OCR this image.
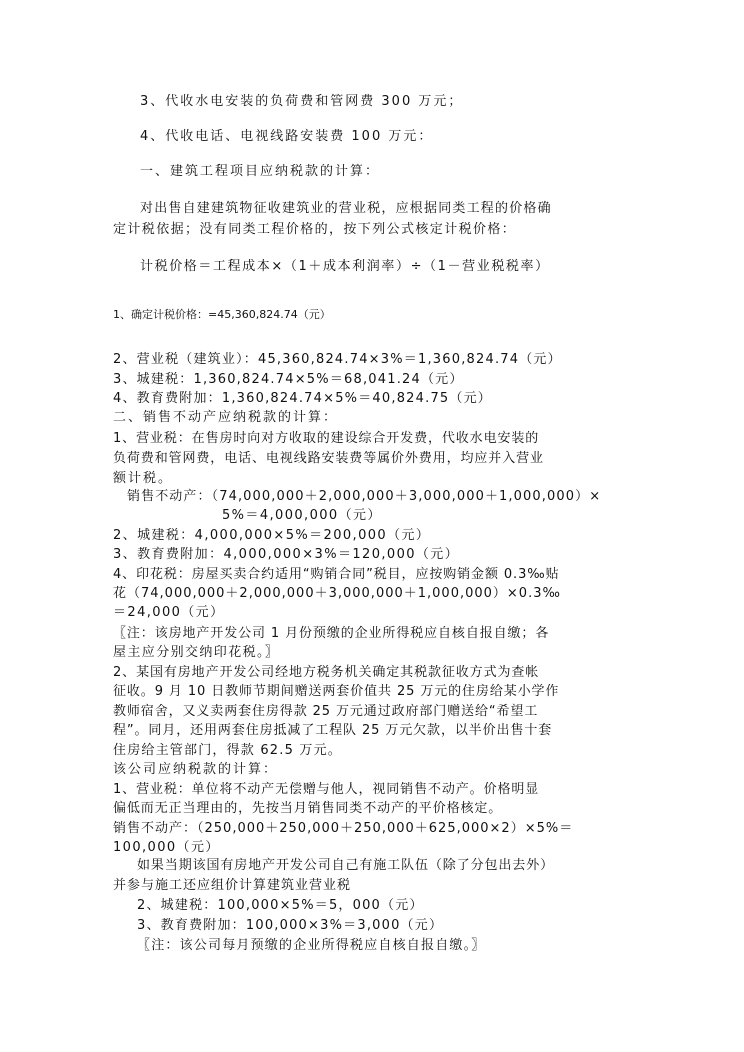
3、代收水电安装的负荷费和管网费 300 万元；
4、代收电话、电视线路安装费 100 万元：
一、建筑工程项目应纳税款的计算：
对出售自建建筑物征收建筑业的营业税，应根据同类工程的价格确
定计税依据；没有同类工程价格的，按下列公式核定计税价格：
计税价格＝工程成本×（1＋成本利润率）÷（1－营业税税率）
1、确定计税价格：=45,360,824.74（元）
2、营业税（建筑业）：45,360,824.74×3%＝1,360,824.74（元）
3、城建税：1,360,824.74×5%＝68,041.24（元）
4、教育费附加：1,360,824.74×5%＝40,824.75（元）
二、销售不动产应纳税款的计算：
1、营业税：在售房时向对方收取的建设综合开发费，代收水电安装的
负荷费和管网费，电话、电视线路安装费等属价外费用，均应并入营业
额计税。
销售不动产：（74,000,000＋2,000,000＋3,000,000＋1,000,000）×
5%＝4,000,000（元）
2、城建税：4,000,000×5%＝200,000（元）
3、教育费附加：4,000,000×3%＝120,000（元）
4、印花税：房屋买卖合约适用“购销合同”税目，应按购销金额 0.3‰贴
花（74,000,000＋2,000,000＋3,000,000＋1,000,000）×0.3‰
＝24,000（元）
〖注：该房地产开发公司 1 月份预缴的企业所得税应自核自报自缴；各
屋主应分别交纳印花税。〗
2、某国有房地产开发公司经地方税务机关确定其税款征收方式为查帐
征收。9 月 10 日教师节期间赠送两套价值共 25 万元的住房给某小学作
教师宿舍，又义卖两套住房得款 25 万元通过政府部门赠送给“希望工
程”。同月，还用两套住房抵减了工程队 25 万元欠款，以半价出售十套
住房给主管部门，得款 62.5 万元。
该公司应纳税款的计算：
1、营业税：单位将不动产无偿赠与他人，视同销售不动产。价格明显
偏低而无正当理由的，先按当月销售同类不动产的平价格核定。
销售不动产：（250,000＋250,000＋250,000＋625,000×2）×5%＝
100,000（元）
如果当期该国有房地产开发公司自己有施工队伍（除了分包出去外）
并参与施工还应组价计算建筑业营业税
2、城建税：100,000×5%＝5，000（元）
3、教育费附加：100,000×3%＝3,000（元）
〖注：该公司每月预缴的企业所得税应自核自报自缴。〗
